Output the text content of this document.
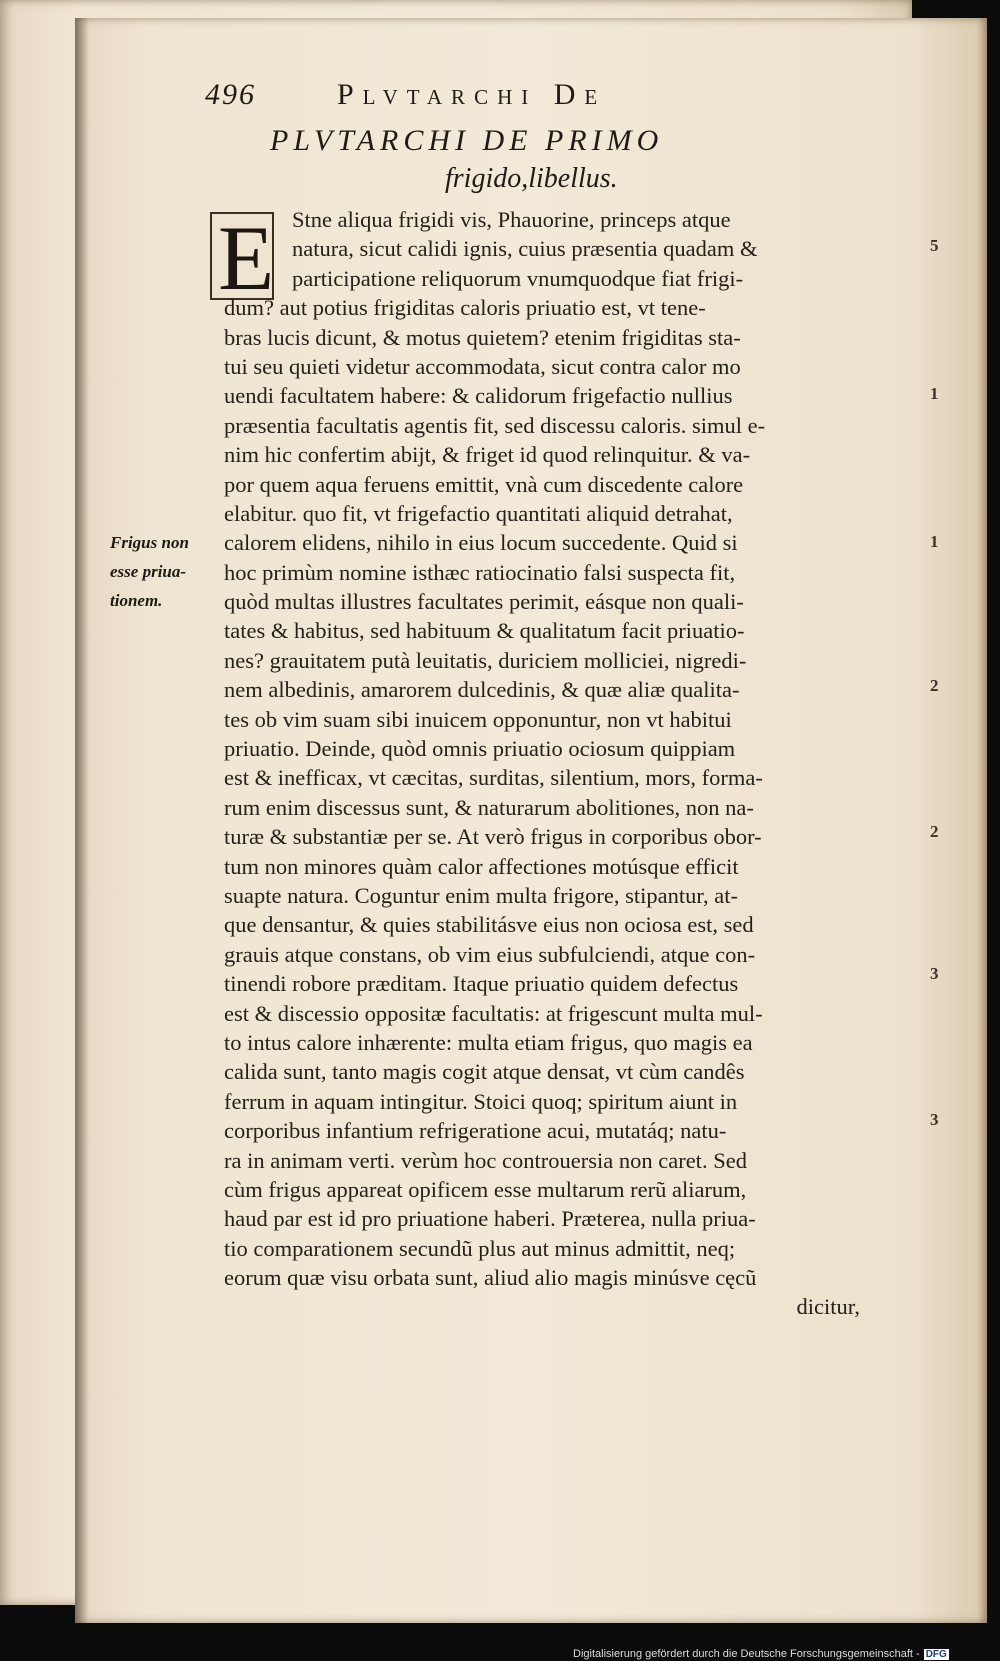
496	Plvtarchi De
PLVTARCHI DE PRIMO
frigido,libellus.
E Stne aliqua frigidi vis, Phauorine, princeps atque
natura, sicut calidi ignis, cuius præsentia quadam &
participatione reliquorum vnumquodque fiat frigi-
dum? aut potius frigiditas caloris priuatio est, vt tene-
bras lucis dicunt, & motus quietem? etenim frigiditas sta-
tui seu quieti videtur accommodata, sicut contra calor mo
uendi facultatem habere: & calidorum frigefactio nullius
præsentia facultatis agentis fit, sed discessu caloris. simul e-
nim hic confertim abijt, & friget id quod relinquitur. & va-
por quem aqua feruens emittit, vnà cum discedente calore
elabitur. quo fit, vt frigefactio quantitati aliquid detrahat,
calorem elidens, nihilo in eius locum succedente. Quid si
hoc primùm nomine isthæc ratiocinatio falsi suspecta fit,
quòd multas illustres facultates perimit, eásque non quali-
tates & habitus, sed habituum & qualitatum facit priuatio-
nes? grauitatem putà leuitatis, duriciem molliciei, nigredi-
nem albedinis, amarorem dulcedinis, & quæ aliæ qualita-
tes ob vim suam sibi inuicem opponuntur, non vt habitui
priuatio. Deinde, quòd omnis priuatio ociosum quippiam
est & inefficax, vt cæcitas, surditas, silentium, mors, forma-
rum enim discessus sunt, & naturarum abolitiones, non na-
turæ & substantiæ per se. At verò frigus in corporibus obor-
tum non minores quàm calor affectiones motúsque efficit
suapte natura. Coguntur enim multa frigore, stipantur, at-
que densantur, & quies stabilitásve eius non ociosa est, sed
grauis atque constans, ob vim eius subfulciendi, atque con-
tinendi robore præditam. Itaque priuatio quidem defectus
est & discessio oppositæ facultatis: at frigescunt multa mul-
to intus calore inhærente: multa etiam frigus, quo magis ea
calida sunt, tanto magis cogit atque densat, vt cùm candês
ferrum in aquam intingitur. Stoici quoq; spiritum aiunt in
corporibus infantium refrigeratione acui, mutatáq; natu-
ra in animam verti. verùm hoc controuersia non caret. Sed
cùm frigus appareat opificem esse multarum rerũ aliarum,
haud par est id pro priuatione haberi. Præterea, nulla priua-
tio comparationem secundũ plus aut minus admittit, neq;
eorum quæ visu orbata sunt, aliud alio magis minúsve cęcũ
dicitur,
Frigus non
esse priua-
tionem.
5
1
1
2
2
3
3
Digitalisierung gefördert durch die Deutsche Forschungsgemeinschaft - DFG
